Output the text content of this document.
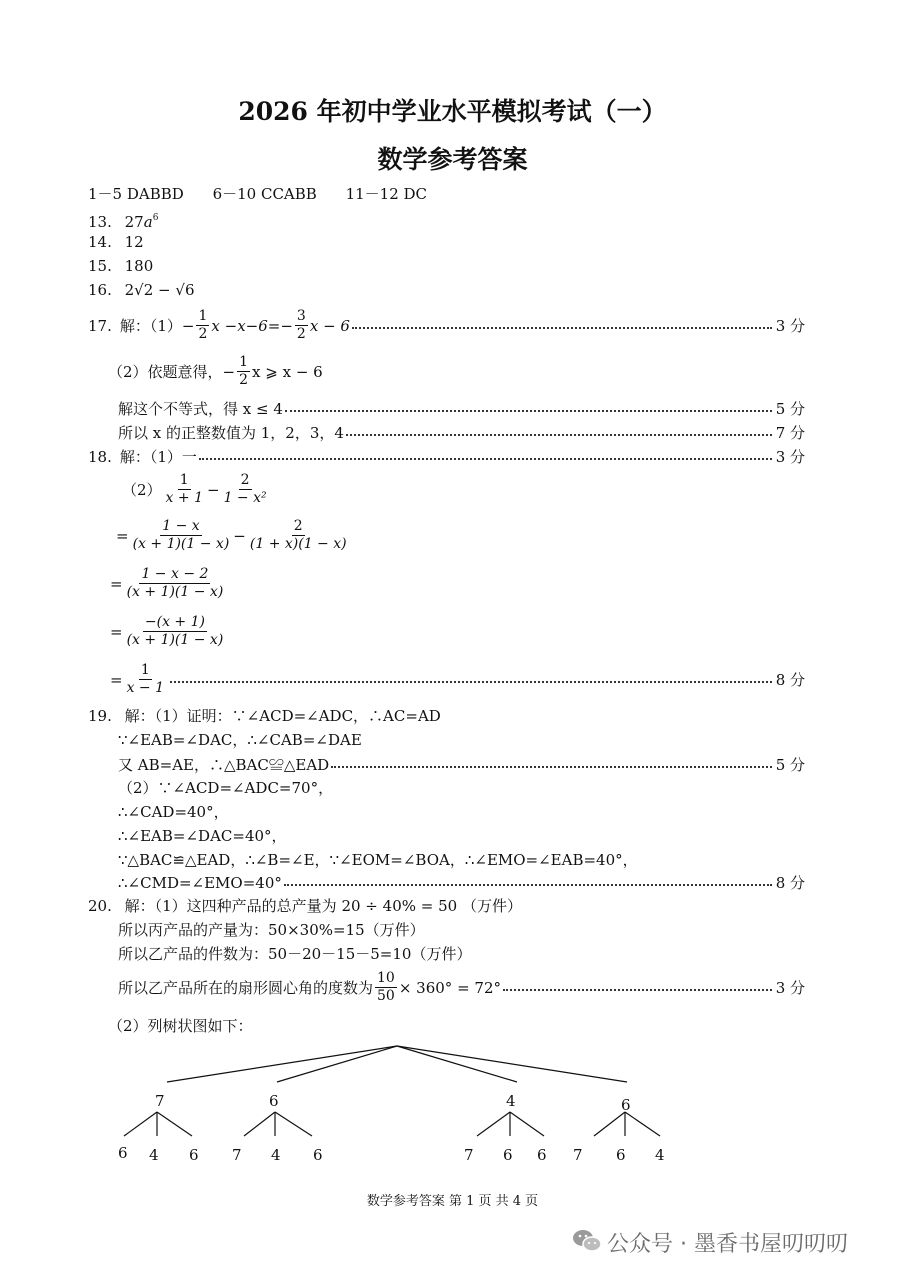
2026 年初中学业水平模拟考试（一）
数学参考答案
1－5 DABBD 6－10 CCABB 11－12 DC
13. $27a^6$
14. 12
15. 180
16. 2√2 − √6
17. 解：$(1) - \frac{1}{2}$ $x -x-6= - \frac{3}{2}$ x − 6	3 分
（2）依题意得， − $\frac{1}{2}$ x ⩾ x − 6
解这个不等式，得 x ≤ 4	5 分
所以 x 的正整数值为 1，2，3，4	7 分
18. 解：（1）一	3 分
$(2) \frac{1}{x + 1} - \frac{2}{\text{1 − x²}}$
= $\frac{1 - x}{(x + 1)(1 - x)} - \frac{2}{(1 + x)(1 - x)}$
= $\frac{1 - x - 2}{(x + 1)(1 - x)}$
= $\frac{-(x + 1)}{(x + 1)(1 - x)}$
= $\frac{1}{x - 1}$	8 分
19. 解：（1）证明：∵∠ACD=∠ADC，∴AC=AD
∵∠EAB=∠DAC，∴∠CAB=∠DAE
又 AB=AE，∴△BAC≌△EAD	5 分
（2）∵∠ACD=∠ADC=70°，
∴∠CAD=40°，
∴∠EAB=∠DAC=40°，
∵△BAC≌△EAD，∴∠B=∠E，∵∠EOM=∠BOA，∴∠EMO=∠EAB=40°，
∴∠CMD=∠EMO=40°	8 分
20. 解：（1）这四种产品的总产量为 20 ÷ 40% = 50 （万件）
所以丙产品的产量为：50×30%=15（万件）
所以乙产品的件数为：50－20－15－5=10（万件）
所以乙产品所在的扇形圆心角的度数为 $\frac{10}{50} \times 360^\circ = 72^\circ$	3 分
（2）列树状图如下：
7	6	4	6
6 4 6 7 4 6	7 6 6 7 6 4
数学参考答案 第 1 页 共 4 页
公众号 · 墨香书屋叨叨叨
